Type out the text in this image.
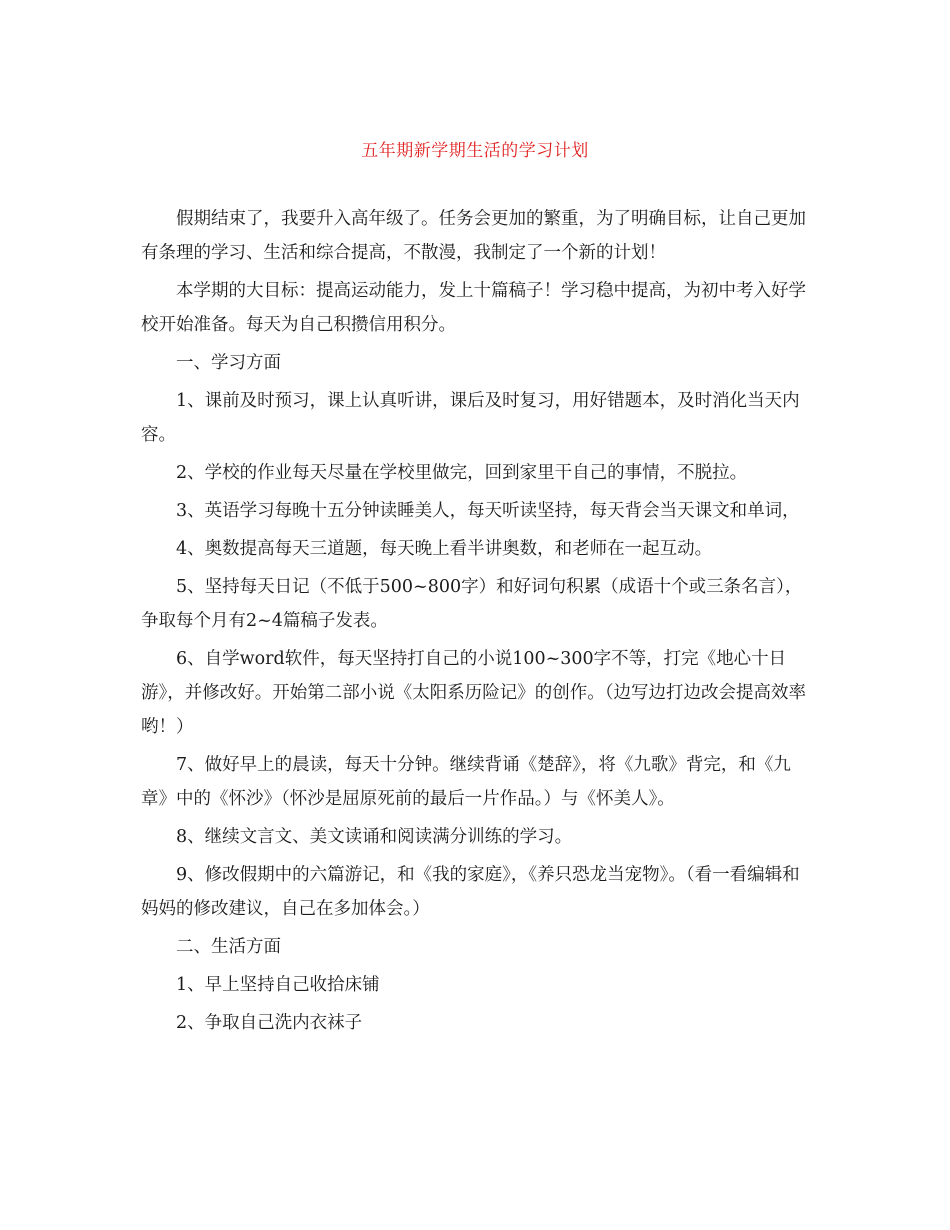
五年期新学期生活的学习计划

假期结束了，我要升入高年级了。任务会更加的繁重，为了明确目标，让自己更加有条理的学习、生活和综合提高，不散漫，我制定了一个新的计划！

本学期的大目标：提高运动能力，发上十篇稿子！学习稳中提高，为初中考入好学校开始准备。每天为自己积攒信用积分。

一、学习方面

1、课前及时预习，课上认真听讲，课后及时复习，用好错题本，及时消化当天内容。

2、学校的作业每天尽量在学校里做完，回到家里干自己的事情，不脱拉。

3、英语学习每晚十五分钟读睡美人，每天听读坚持，每天背会当天课文和单词，

4、奥数提高每天三道题，每天晚上看半讲奥数，和老师在一起互动。

5、坚持每天日记（不低于500~800字）和好词句积累（成语十个或三条名言），争取每个月有2~4篇稿子发表。

6、自学word软件，每天坚持打自己的小说100~300字不等，打完《地心十日游》，并修改好。开始第二部小说《太阳系历险记》的创作。（边写边打边改会提高效率哟！）

7、做好早上的晨读，每天十分钟。继续背诵《楚辞》，将《九歌》背完，和《九章》中的《怀沙》（怀沙是屈原死前的最后一片作品。）与《怀美人》。

8、继续文言文、美文读诵和阅读满分训练的学习。

9、修改假期中的六篇游记，和《我的家庭》，《养只恐龙当宠物》。（看一看编辑和妈妈的修改建议，自己在多加体会。）

二、生活方面

1、早上坚持自己收拾床铺

2、争取自己洗内衣袜子
